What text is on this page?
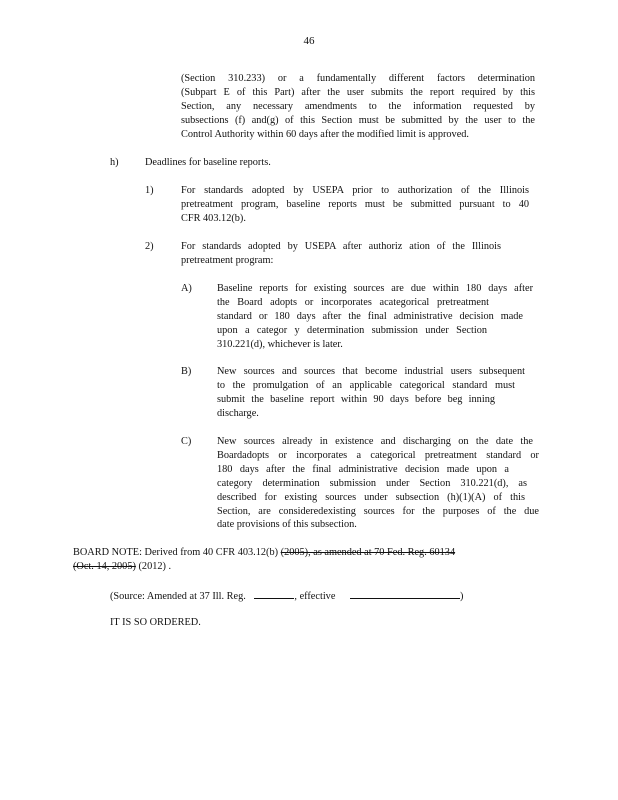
46
(Section 310.233) or a fundamentally different factors determination
(Subpart E of this Part) after the user submits the report required by this
Section, any necessary amendments to the information requested by
subsections (f) and(g) of this Section must be submitted by the user to the
Control Authority within 60 days after the modified limit is approved.
h)	Deadlines for baseline reports.
1)	For standards adopted by USEPA prior to authorization of the Illinois
pretreatment program, baseline reports must be submitted pursuant to 40
CFR 403.12(b).
2)	For standards adopted by USEPA after authoriz ation of the Illinois
pretreatment program:
A) Baseline reports for existing sources are due within 180 days after
the Board adopts or incorporates acategorical pretreatment
standard or 180 days after the final administrative decision made
upon a categor y determination submission under Section
310.221(d), whichever is later.
B) New sources and sources that become industrial users subsequent
to the promulgation of an applicable categorical standard must
submit the baseline report within 90 days before beg inning
discharge.
C) New sources already in existence and discharging on the date the
Boardadopts or incorporates a categorical pretreatment standard or
180 days after the final administrative decision made upon a
category determination submission under Section 310.221(d), as
described for existing sources under subsection (h)(1)(A) of this
Section, are consideredexisting sources for the purposes of the due
date provisions of this subsection.
BOARD NOTE: Derived from 40 CFR 403.12(b) (2005), as amended at 70 Fed. Reg. 60134
(Oct. 14, 2005) (2012) .
(Source: Amended at 37 Ill. Reg.	, effective	)
IT IS SO ORDERED.
